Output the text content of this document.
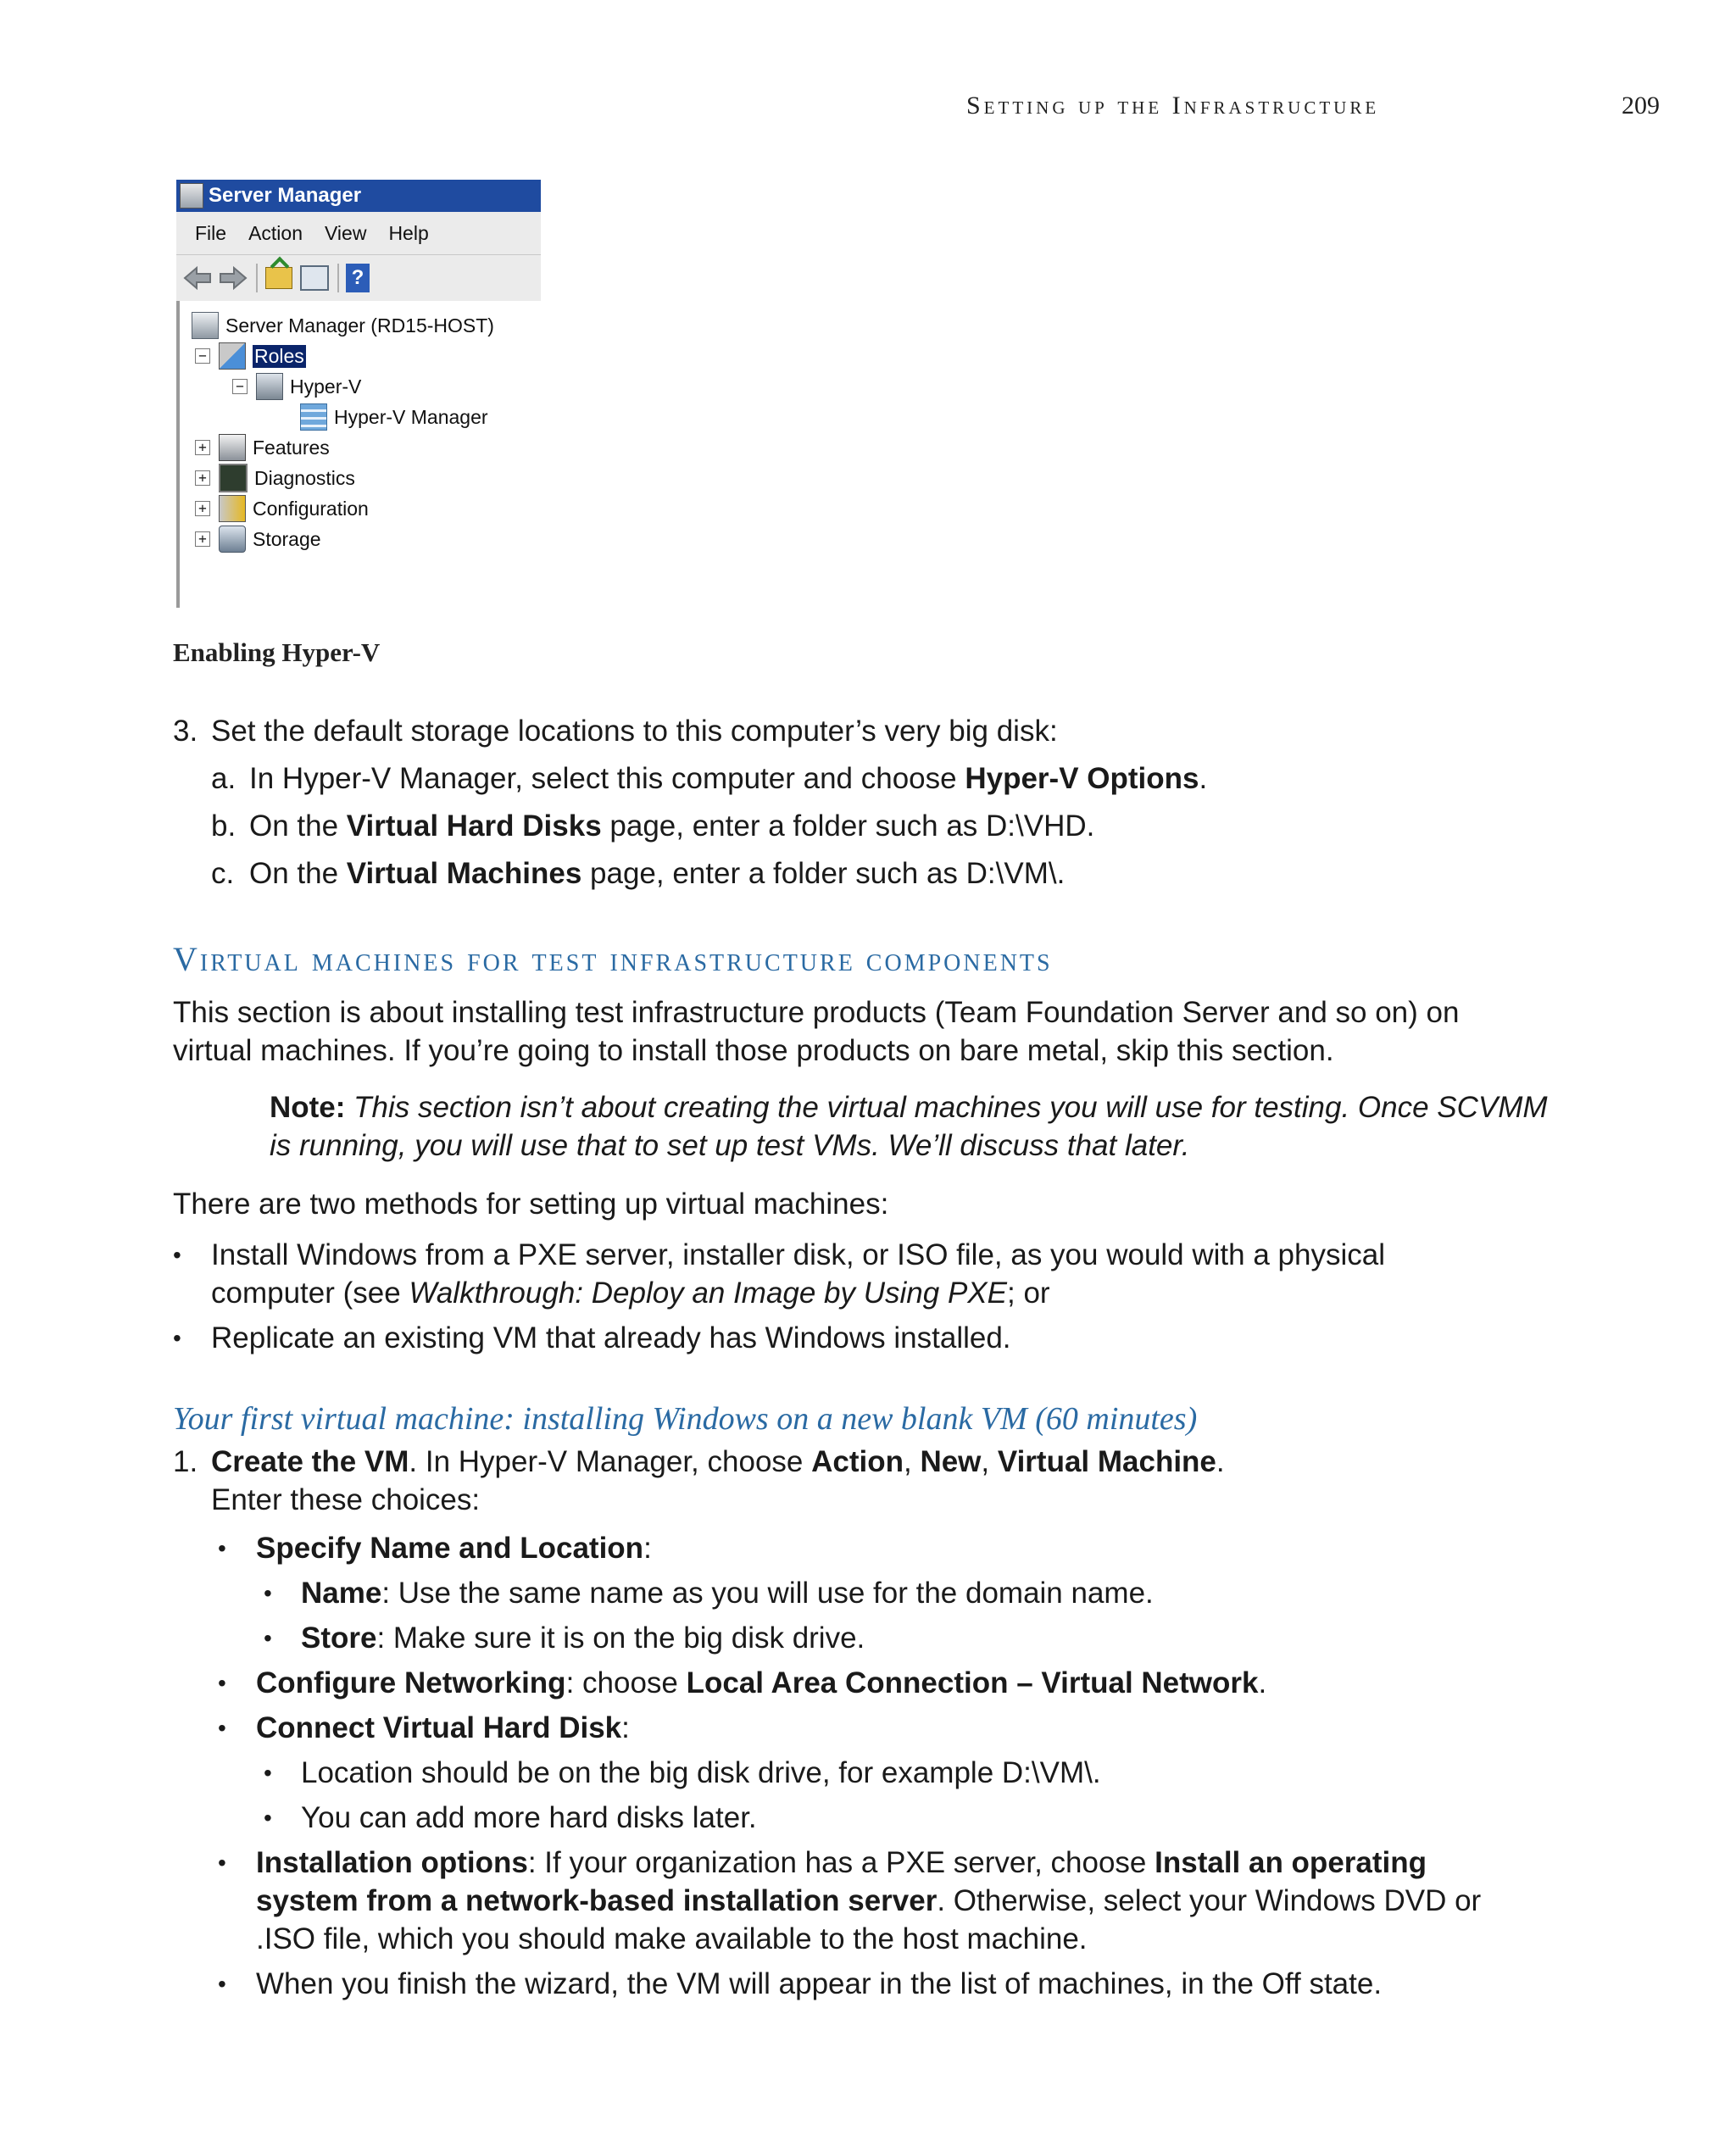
Setting up the Infrastructure	209
Server Manager
File Action View Help
?
Server Manager (RD15-HOST)
− Roles
− Hyper-V
Hyper-V Manager
+ Features
+ Diagnostics
+ Configuration
+ Storage
Enabling Hyper-V
3. Set the default storage locations to this computer’s very big disk:
a. In Hyper-V Manager, select this computer and choose Hyper-V Options.
b. On the Virtual Hard Disks page, enter a folder such as D:\VHD.
c. On the Virtual Machines page, enter a folder such as D:\VM\.
Virtual machines for test infrastructure components
This section is about installing test infrastructure products (Team Foundation Server and so on) on
virtual machines. If you’re going to install those products on bare metal, skip this section.
Note: This section isn’t about creating the virtual machines you will use for testing. Once SCVMM
is running, you will use that to set up test VMs. We’ll discuss that later.
There are two methods for setting up virtual machines:
• Install Windows from a PXE server, installer disk, or ISO file, as you would with a physical
computer (see Walkthrough: Deploy an Image by Using PXE; or
• Replicate an existing VM that already has Windows installed.
Your first virtual machine: installing Windows on a new blank VM (60 minutes)
1. Create the VM. In Hyper-V Manager, choose Action, New, Virtual Machine.
Enter these choices:
• Specify Name and Location:
• Name: Use the same name as you will use for the domain name.
• Store: Make sure it is on the big disk drive.
• Configure Networking: choose Local Area Connection – Virtual Network.
• Connect Virtual Hard Disk:
• Location should be on the big disk drive, for example D:\VM\.
• You can add more hard disks later.
• Installation options: If your organization has a PXE server, choose Install an operating
system from a network-based installation server. Otherwise, select your Windows DVD or
.ISO file, which you should make available to the host machine.
• When you finish the wizard, the VM will appear in the list of machines, in the Off state.
